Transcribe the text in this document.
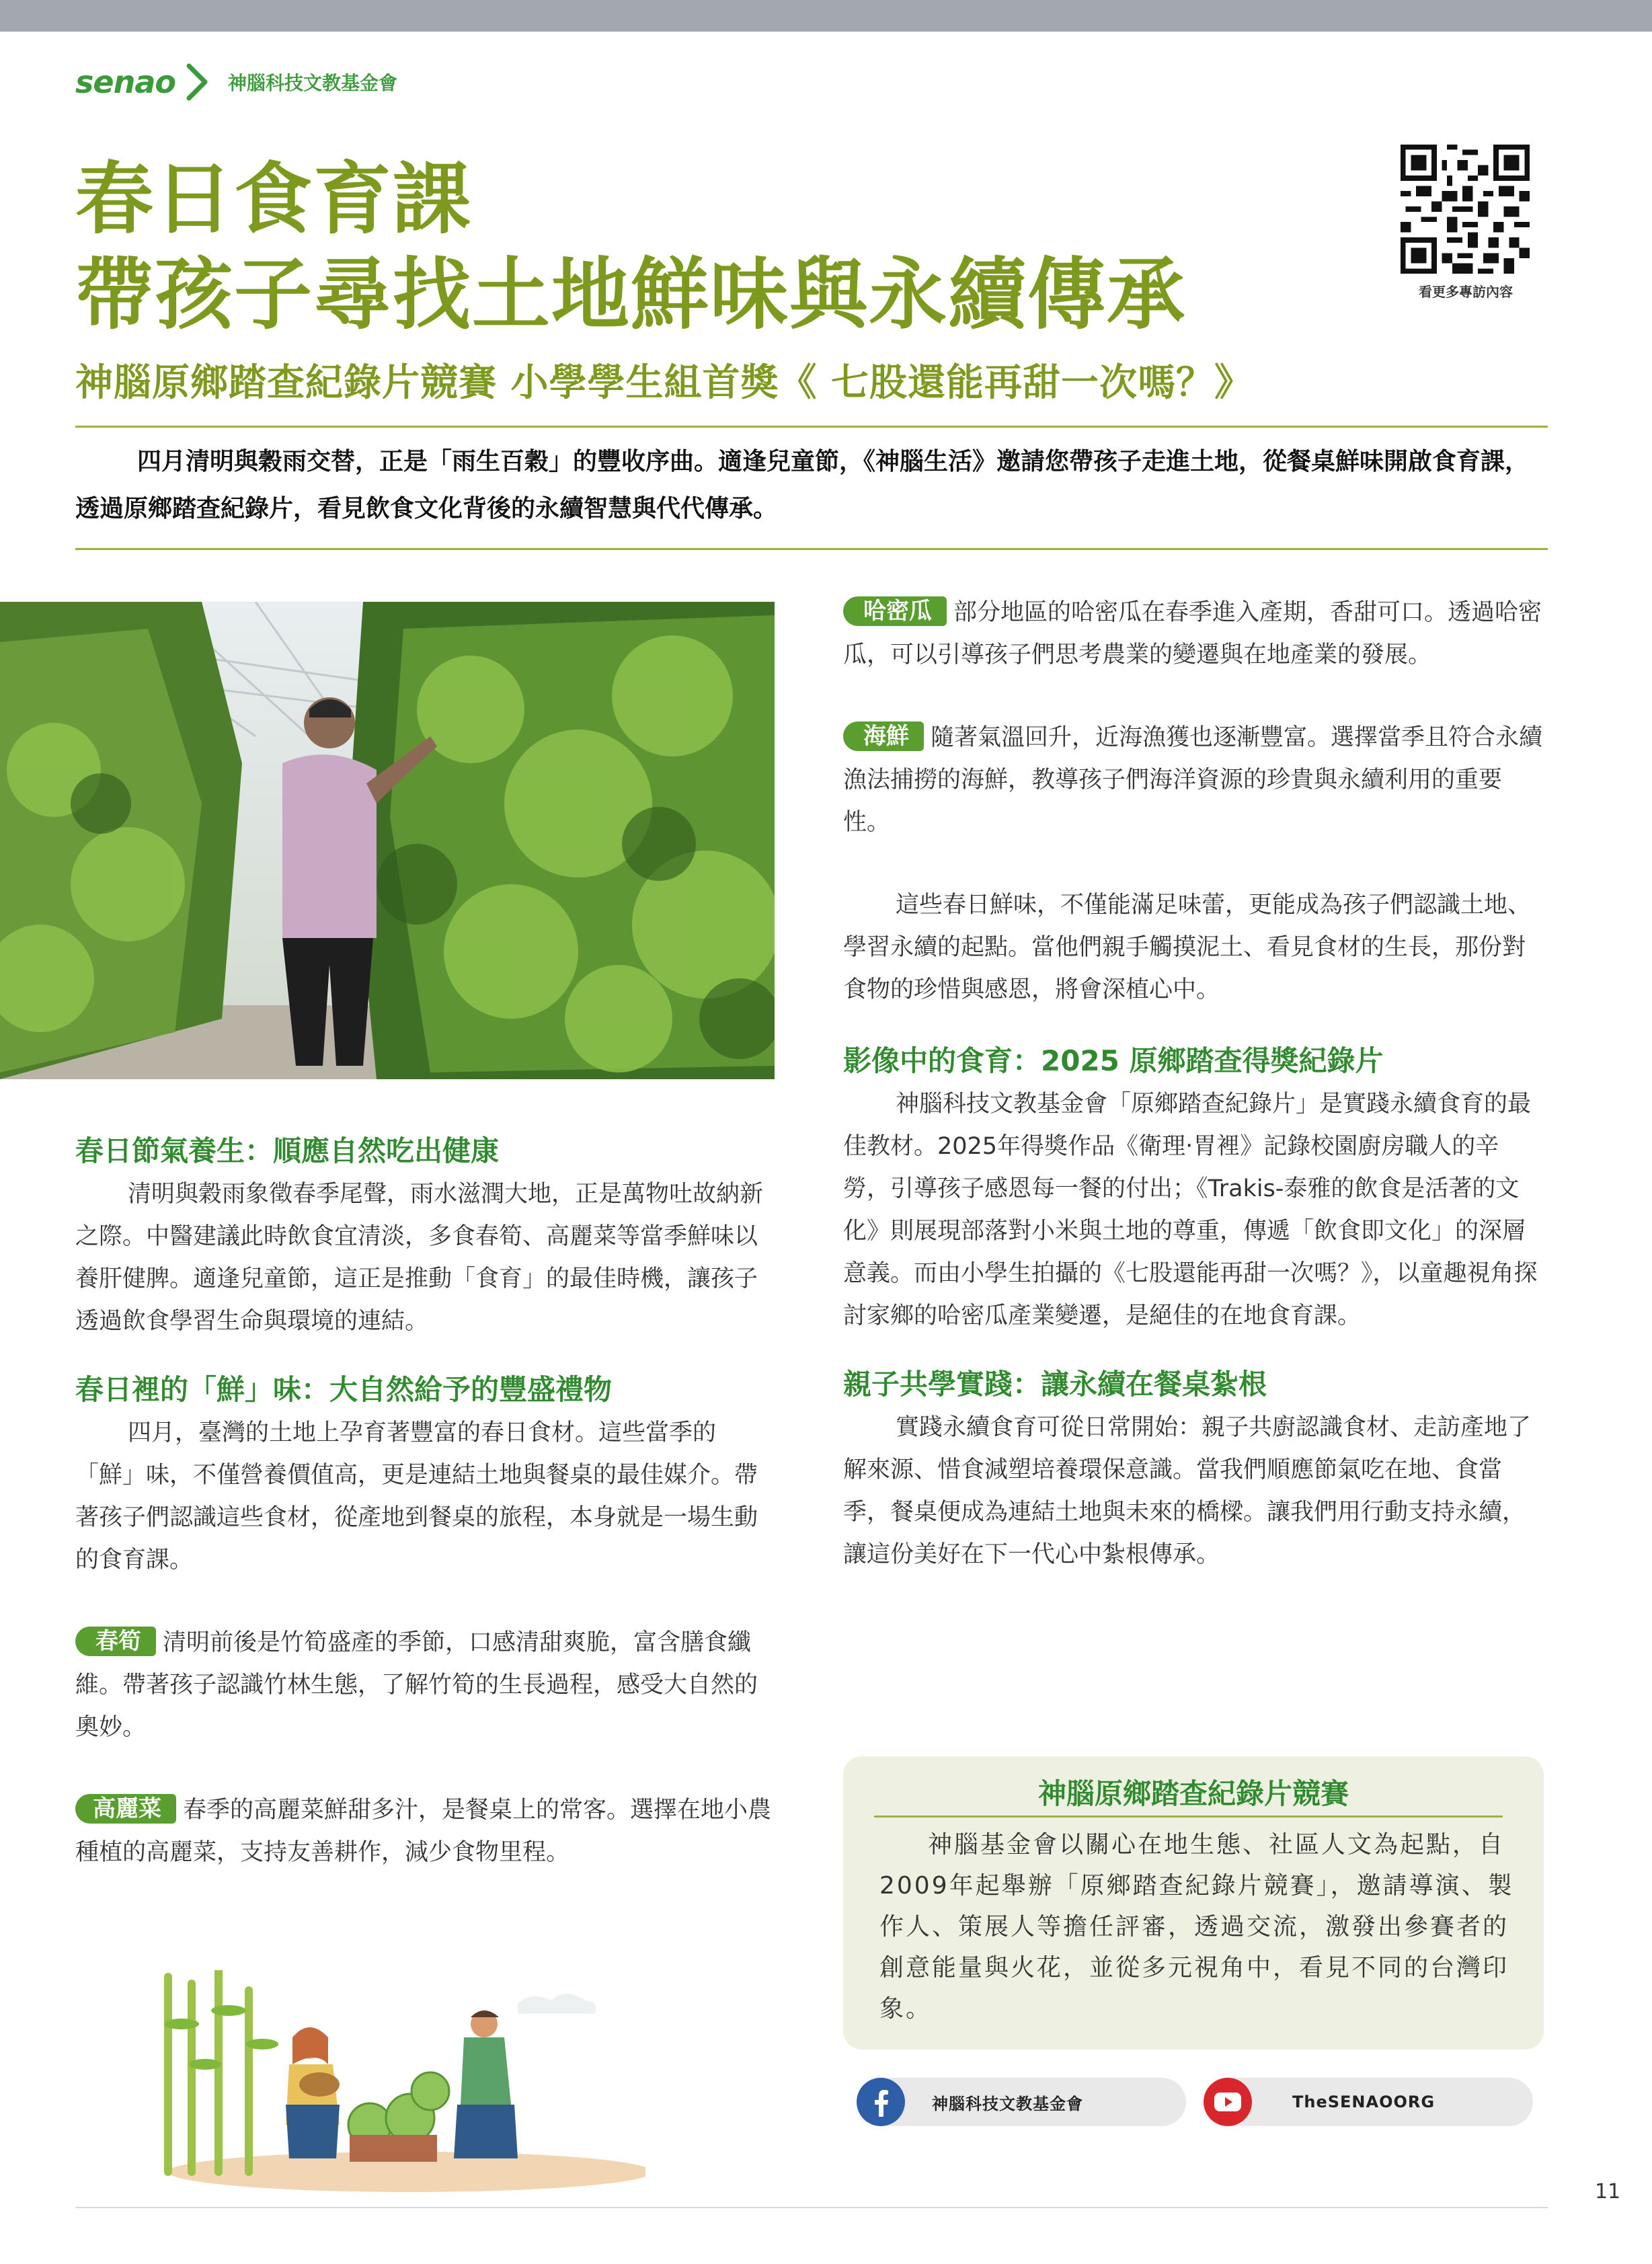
senao	神腦科技文教基金會
春日食育課
帶孩子尋找土地鮮味與永續傳承
神腦原鄉踏查紀錄片競賽 小學學生組首獎《 七股還能再甜一次嗎？》
看更多專訪內容

四月清明與穀雨交替，正是「雨生百穀」的豐收序曲。適逢兒童節，《神腦生活》邀請您帶孩子走進土地，從餐桌鮮味開啟食育課，透過原鄉踏查紀錄片，看見飲食文化背後的永續智慧與代代傳承。

春日節氣養生：順應自然吃出健康

清明與穀雨象徵春季尾聲，雨水滋潤大地，正是萬物吐故納新之際。中醫建議此時飲食宜清淡，多食春筍、高麗菜等當季鮮味以養肝健脾。適逢兒童節，這正是推動「食育」的最佳時機，讓孩子透過飲食學習生命與環境的連結。

春日裡的「鮮」味：大自然給予的豐盛禮物

四月，臺灣的土地上孕育著豐富的春日食材。這些當季的「鮮」味，不僅營養價值高，更是連結土地與餐桌的最佳媒介。帶著孩子們認識這些食材，從產地到餐桌的旅程，本身就是一場生動的食育課。

春筍 清明前後是竹筍盛產的季節，口感清甜爽脆，富含膳食纖維。帶著孩子認識竹林生態，了解竹筍的生長過程，感受大自然的奧妙。

高麗菜 春季的高麗菜鮮甜多汁，是餐桌上的常客。選擇在地小農種植的高麗菜，支持友善耕作，減少食物里程。

哈密瓜 部分地區的哈密瓜在春季進入產期，香甜可口。透過哈密瓜，可以引導孩子們思考農業的變遷與在地產業的發展。

海鮮 隨著氣溫回升，近海漁獲也逐漸豐富。選擇當季且符合永續漁法捕撈的海鮮，教導孩子們海洋資源的珍貴與永續利用的重要性。

這些春日鮮味，不僅能滿足味蕾，更能成為孩子們認識土地、學習永續的起點。當他們親手觸摸泥土、看見食材的生長，那份對食物的珍惜與感恩，將會深植心中。

影像中的食育：2025 原鄉踏查得獎紀錄片

神腦科技文教基金會「原鄉踏查紀錄片」是實踐永續食育的最佳教材。2025年得獎作品《衛理‧胃裡》記錄校園廚房職人的辛勞，引導孩子感恩每一餐的付出；《Trakis-泰雅的飲食是活著的文化》則展現部落對小米與土地的尊重，傳遞「飲食即文化」的深層意義。而由小學生拍攝的《七股還能再甜一次嗎？》，以童趣視角探討家鄉的哈密瓜產業變遷，是絕佳的在地食育課。

親子共學實踐：讓永續在餐桌紮根

實踐永續食育可從日常開始：親子共廚認識食材、走訪產地了解來源、惜食減塑培養環保意識。當我們順應節氣吃在地、食當季，餐桌便成為連結土地與未來的橋樑。讓我們用行動支持永續，讓這份美好在下一代心中紮根傳承。

神腦原鄉踏查紀錄片競賽

神腦基金會以關心在地生態、社區人文為起點，自2009年起舉辦「原鄉踏查紀錄片競賽」，邀請導演、製作人、策展人等擔任評審，透過交流，激發出參賽者的創意能量與火花，並從多元視角中，看見不同的台灣印象。

神腦科技文教基金會	TheSENAOORG
11
